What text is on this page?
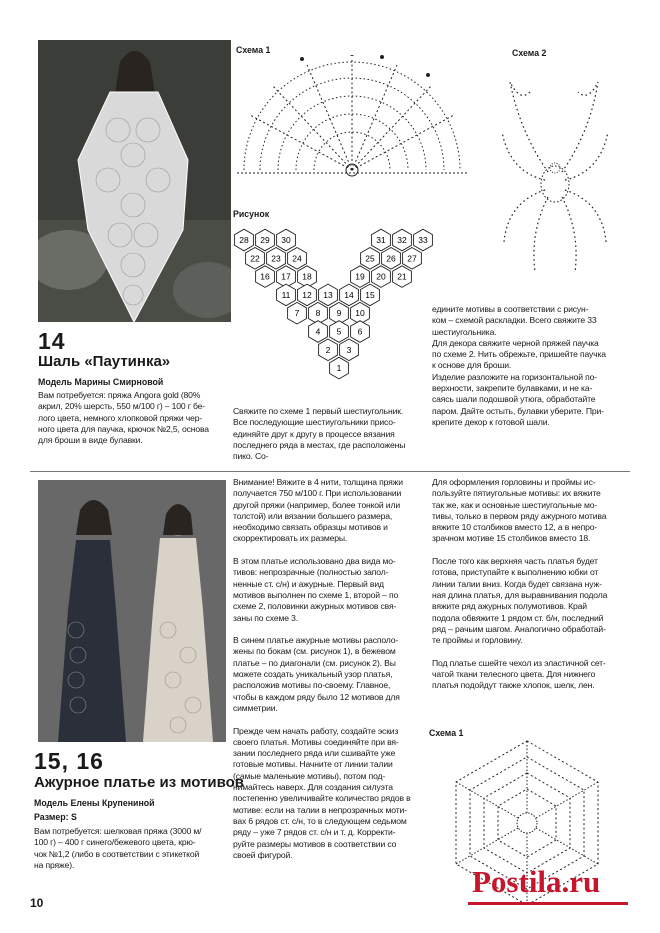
14
Шаль «Паутинка»
Модель Марины Смирновой
Вам потребуется: пряжа Angora gold (80%
акрил, 20% шерсть, 550 м/100 г) – 100 г бе-
лого цвета, немного хлопковой пряжи чер-
ного цвета для паучка, крючок №2,5, основа
для броши в виде булавки.
Схема 1	Схема 2
Рисунок
28 29 30	31 32 33
22 23 24	25 26 27
16 17 18	19 20 21
11 12 13 14 15
7 8 9 10
4 5 6
2 3
1
Свяжите по схеме 1 первый шестиугольник.
Все последующие шестиугольники присо-
единяйте друг к другу в процессе вязания
последнего ряда в местах, где расположены
пико. Со-
едините мотивы в соответствии с рисун-
ком – схемой раскладки. Всего свяжите 33
шестиугольника.
Для декора свяжите черной пряжей паучка
по схеме 2. Нить обрежьте, пришейте паучка
к основе для броши.
Изделие разложите на горизонтальной по-
верхности, закрепите булавками, и не ка-
саясь шали подошвой утюга, обработайте
паром. Дайте остыть, булавки уберите. При-
крепите декор к готовой шали.
15, 16
Ажурное платье из мотивов
Модель Елены Крупениной
Размер: S
Вам потребуется: шелковая пряжа (3000 м/
100 г) – 400 г синего/бежевого цвета, крю-
чок №1,2 (либо в соответствии с этикеткой
на пряже).
Внимание! Вяжите в 4 нити, толщина пряжи
получается 750 м/100 г. При использовании
другой пряжи (например, более тонкой или
толстой) или вязании большего размера,
необходимо связать образцы мотивов и
скорректировать их размеры.

В этом платье использовано два вида мо-
тивов: непрозрачные (полностью запол-
ненные ст. с/н) и ажурные. Первый вид
мотивов выполнен по схеме 1, второй – по
схеме 2, половинки ажурных мотивов свя-
заны по схеме 3.

В синем платье ажурные мотивы располо-
жены по бокам (см. рисунок 1), в бежевом
платье – по диагонали (см. рисунок 2). Вы
можете создать уникальный узор платья,
расположив мотивы по-своему. Главное,
чтобы в каждом ряду было 12 мотивов для
симметрии.

Прежде чем начать работу, создайте эскиз
своего платья. Мотивы соединяйте при вя-
зании последнего ряда или сшивайте уже
готовые мотивы. Начните от линии талии
(самые маленькие мотивы), потом под-
нимайтесь наверх. Для создания силуэта
постепенно увеличивайте количество рядов в
мотиве: если на талии в непрозрачных моти-
вах 6 рядов ст. с/н, то в следующем седьмом
ряду – уже 7 рядов ст. с/н и т. д. Корректи-
руйте размеры мотивов в соответствии со
своей фигурой.
Для оформления горловины и проймы ис-
пользуйте пятиугольные мотивы: их вяжите
так же, как и основные шестиугольные мо-
тивы, только в первом ряду ажурного мотива
вяжите 10 столбиков вместо 12, а в непро-
зрачном мотиве 15 столбиков вместо 18.

После того как верхняя часть платья будет
готова, приступайте к выполнению юбки от
линии талии вниз. Когда будет связана нуж-
ная длина платья, для выравнивания подола
вяжите ряд ажурных полумотивов. Край
подола обвяжите 1 рядом ст. б/н, последний
ряд – рачьим шагом. Аналогично обработай-
те проймы и горловину.

Под платье сшейте чехол из эластичной сет-
чатой ткани телесного цвета. Для нижнего
платья подойдут также хлопок, шелк, лен.
Схема 1
Postila.ru
10
